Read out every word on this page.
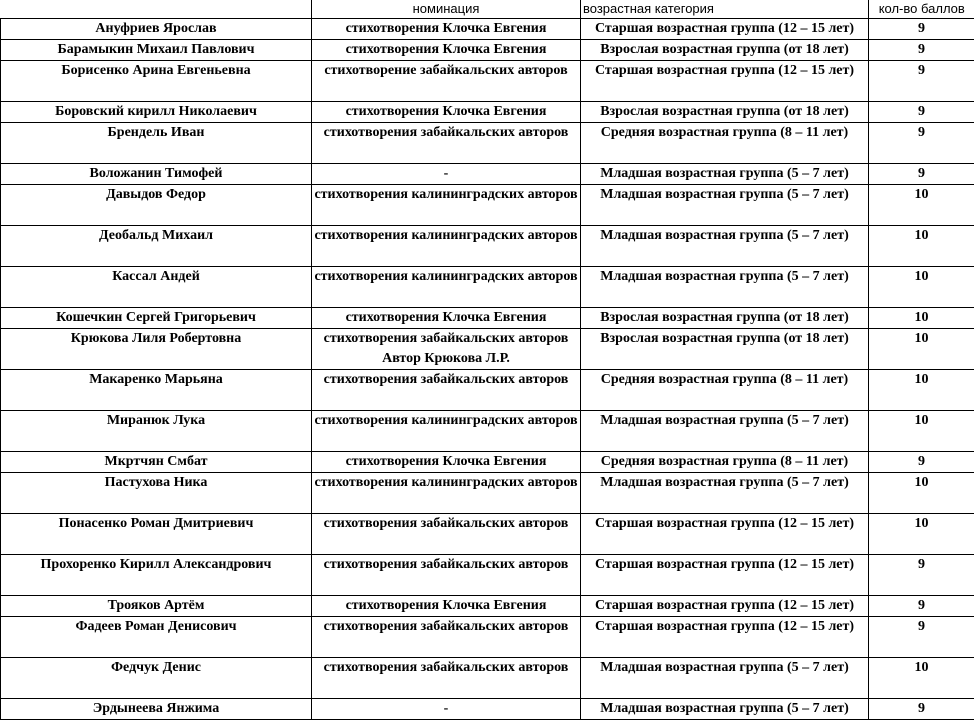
	номинация	возрастная категория	кол-во баллов
Ануфриев Ярослав	стихотворения Клочка Евгения	Старшая возрастная группа (12 – 15 лет)	9
Барамыкин Михаил Павлович	стихотворения Клочка Евгения	Взрослая возрастная группа (от 18 лет)	9
Борисенко Арина Евгеньевна	стихотворение забайкальских авторов	Старшая возрастная группа (12 – 15 лет)	9
Боровский кирилл Николаевич	стихотворения Клочка Евгения	Взрослая возрастная группа (от 18 лет)	9
Брендель Иван	стихотворения забайкальских авторов	Средняя возрастная группа (8 – 11 лет)	9
Воложанин Тимофей	-	Младшая возрастная группа (5 – 7 лет)	9
Давыдов Федор	стихотворения калининградских авторов	Младшая возрастная группа (5 – 7 лет)	10
Деобальд Михаил	стихотворения калининградских авторов	Младшая возрастная группа (5 – 7 лет)	10
Кассал Андей	стихотворения калининградских авторов	Младшая возрастная группа (5 – 7 лет)	10
Кошечкин Сергей Григорьевич	стихотворения Клочка Евгения	Взрослая возрастная группа (от 18 лет)	10
Крюкова Лиля Робертовна	стихотворения забайкальских авторов Автор Крюкова Л.Р.	Взрослая возрастная группа (от 18 лет)	10
Макаренко Марьяна	стихотворения забайкальских авторов	Средняя возрастная группа (8 – 11 лет)	10
Миранюк Лука	стихотворения калининградских авторов	Младшая возрастная группа (5 – 7 лет)	10
Мкртчян Смбат	стихотворения Клочка Евгения	Средняя возрастная группа (8 – 11 лет)	9
Пастухова Ника	стихотворения калининградских авторов	Младшая возрастная группа (5 – 7 лет)	10
Понасенко Роман Дмитриевич	стихотворения забайкальских авторов	Старшая возрастная группа (12 – 15 лет)	10
Прохоренко Кирилл Александрович	стихотворения забайкальских авторов	Старшая возрастная группа (12 – 15 лет)	9
Трояков Артём	стихотворения Клочка Евгения	Старшая возрастная группа (12 – 15 лет)	9
Фадеев Роман Денисович	стихотворения забайкальских авторов	Старшая возрастная группа (12 – 15 лет)	9
Федчук Денис	стихотворения забайкальских авторов	Младшая возрастная группа (5 – 7 лет)	10
Эрдынеева Янжима	-	Младшая возрастная группа (5 – 7 лет)	9
